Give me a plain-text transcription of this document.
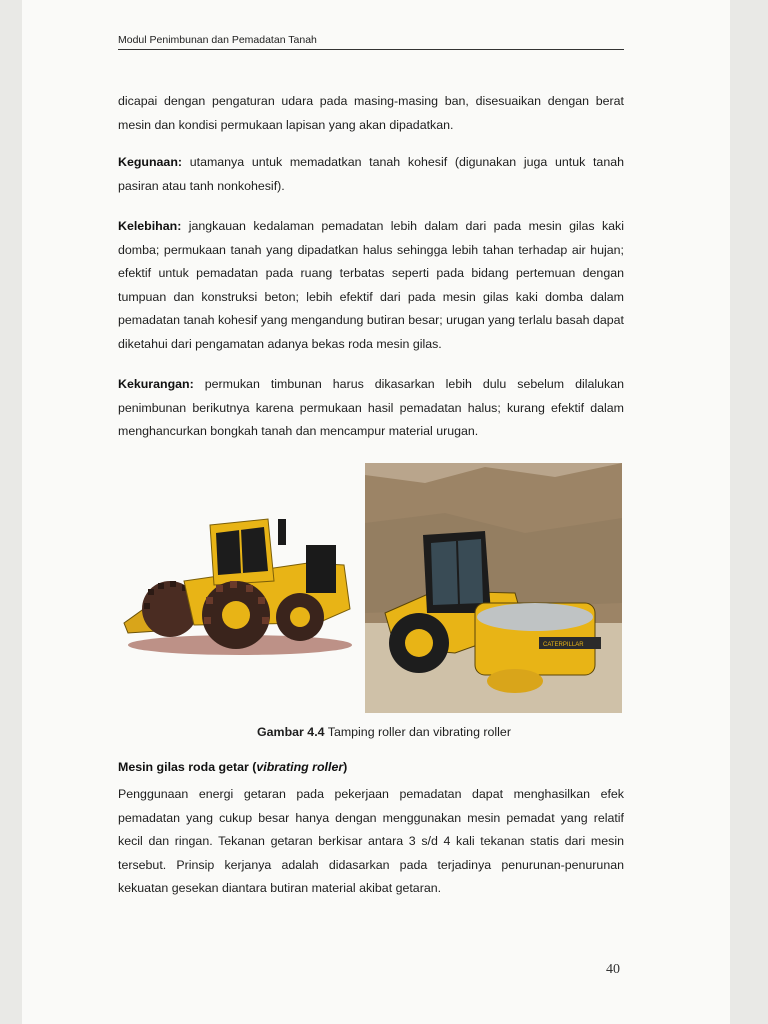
Modul Penimbunan dan Pemadatan Tanah

dicapai dengan pengaturan udara pada masing-masing ban, disesuaikan dengan berat mesin dan kondisi permukaan lapisan yang akan dipadatkan.

Kegunaan: utamanya untuk memadatkan tanah kohesif (digunakan juga untuk tanah pasiran atau tanh nonkohesif).

Kelebihan: jangkauan kedalaman pemadatan lebih dalam dari pada mesin gilas kaki domba; permukaan tanah yang dipadatkan halus sehingga lebih tahan terhadap air hujan; efektif untuk pemadatan pada ruang terbatas seperti pada bidang pertemuan dengan tumpuan dan konstruksi beton; lebih efektif dari pada mesin gilas kaki domba dalam pemadatan tanah kohesif yang mengandung butiran besar; urugan yang terlalu basah dapat diketahui dari pengamatan adanya bekas roda mesin gilas.

Kekurangan: permukan timbunan harus dikasarkan lebih dulu sebelum dilalukan penimbunan berikutnya karena permukaan hasil pemadatan halus; kurang efektif dalam menghancurkan bongkah tanah dan mencampur material urugan.

CATERPILLAR
Gambar 4.4 Tamping roller dan vibrating roller
Mesin gilas roda getar (vibrating roller)

Penggunaan energi getaran pada pekerjaan pemadatan dapat menghasilkan efek pemadatan yang cukup besar hanya dengan menggunakan mesin pemadat yang relatif kecil dan ringan. Tekanan getaran berkisar antara 3 s/d 4 kali tekanan statis dari mesin tersebut. Prinsip kerjanya adalah didasarkan pada terjadinya penurunan-penurunan kekuatan gesekan diantara butiran material akibat getaran.

40
